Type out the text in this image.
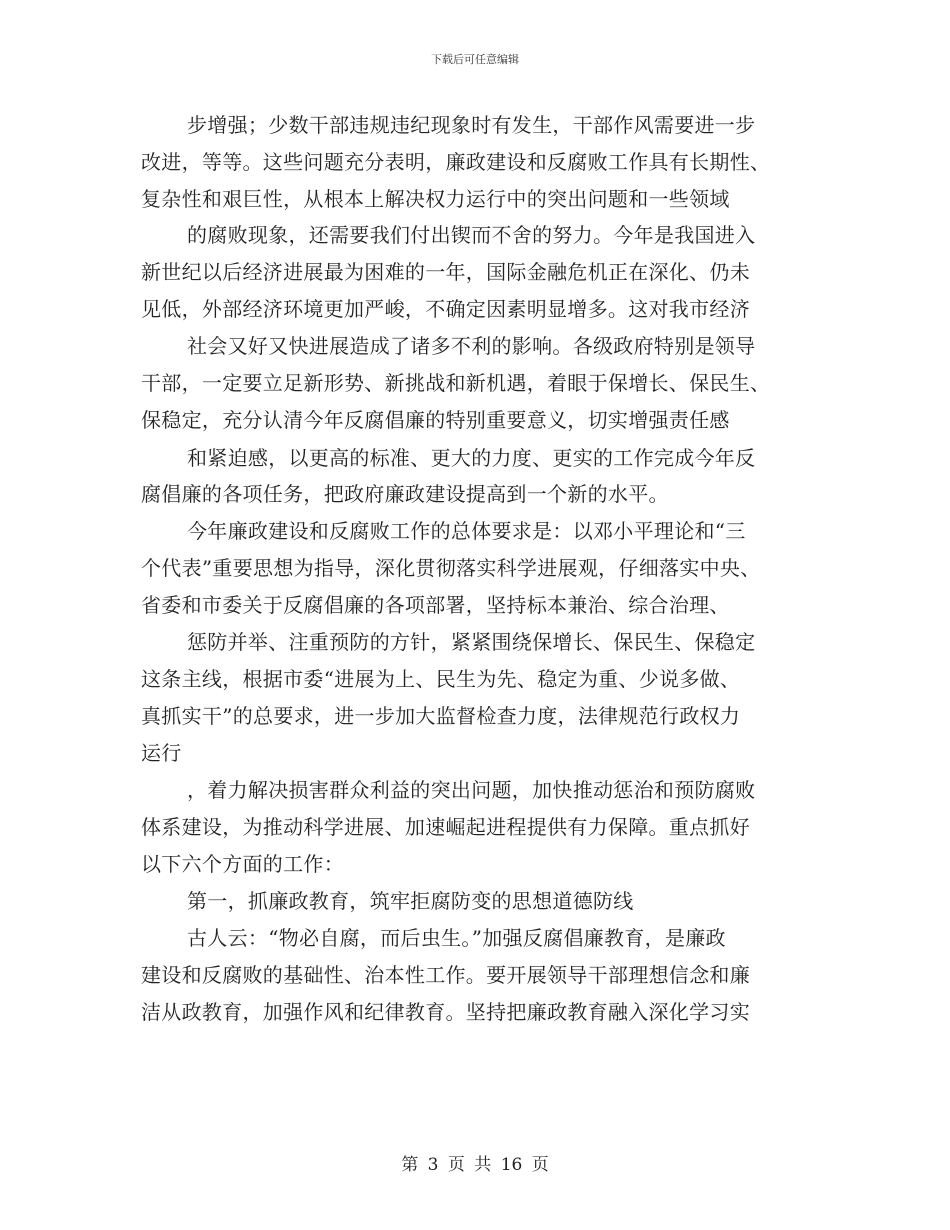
下载后可任意编辑
步增强；少数干部违规违纪现象时有发生，干部作风需要进一步
改进，等等。这些问题充分表明，廉政建设和反腐败工作具有长期性、
复杂性和艰巨性，从根本上解决权力运行中的突出问题和一些领域
的腐败现象，还需要我们付出锲而不舍的努力。今年是我国进入
新世纪以后经济进展最为困难的一年，国际金融危机正在深化、仍未
见低，外部经济环境更加严峻，不确定因素明显增多。这对我市经济
社会又好又快进展造成了诸多不利的影响。各级政府特别是领导
干部，一定要立足新形势、新挑战和新机遇，着眼于保增长、保民生、
保稳定，充分认清今年反腐倡廉的特别重要意义，切实增强责任感
和紧迫感，以更高的标准、更大的力度、更实的工作完成今年反
腐倡廉的各项任务，把政府廉政建设提高到一个新的水平。
今年廉政建设和反腐败工作的总体要求是：以邓小平理论和“三
个代表”重要思想为指导，深化贯彻落实科学进展观，仔细落实中央、
省委和市委关于反腐倡廉的各项部署，坚持标本兼治、综合治理、
惩防并举、注重预防的方针，紧紧围绕保增长、保民生、保稳定
这条主线，根据市委“进展为上、民生为先、稳定为重、少说多做、
真抓实干”的总要求，进一步加大监督检查力度，法律规范行政权力
运行
，着力解决损害群众利益的突出问题，加快推动惩治和预防腐败
体系建设，为推动科学进展、加速崛起进程提供有力保障。重点抓好
以下六个方面的工作：
第一，抓廉政教育，筑牢拒腐防变的思想道德防线
古人云：“物必自腐，而后虫生。”加强反腐倡廉教育，是廉政
建设和反腐败的基础性、治本性工作。要开展领导干部理想信念和廉
洁从政教育，加强作风和纪律教育。坚持把廉政教育融入深化学习实
第 3 页 共 16 页
